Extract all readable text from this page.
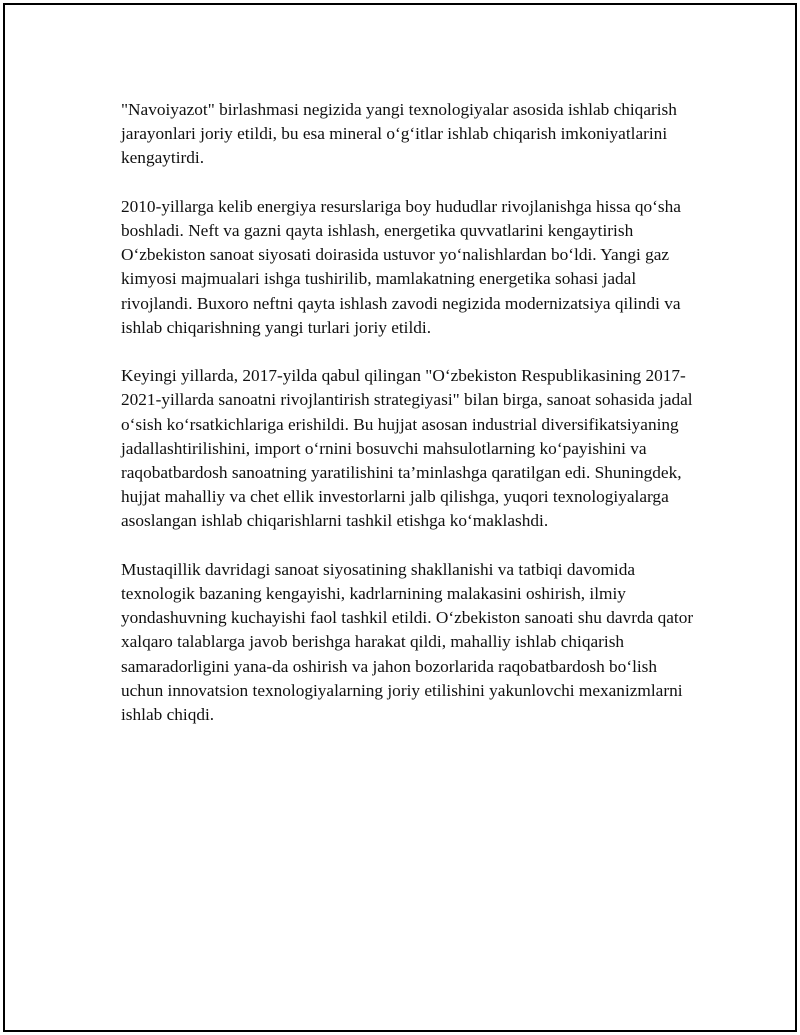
"Navoiyazot" birlashmasi negizida yangi texnologiyalar asosida ishlab chiqarish jarayonlari joriy etildi, bu esa mineral oʻgʻitlar ishlab chiqarish imkoniyatlarini kengaytirdi.

2010-yillarga kelib energiya resurslariga boy hududlar rivojlanishga hissa qoʻsha boshladi. Neft va gazni qayta ishlash, energetika quvvatlarini kengaytirish Oʻzbekiston sanoat siyosati doirasida ustuvor yoʻnalishlardan boʻldi. Yangi gaz kimyosi majmualari ishga tushirilib, mamlakatning energetika sohasi jadal rivojlandi. Buxoro neftni qayta ishlash zavodi negizida modernizatsiya qilindi va ishlab chiqarishning yangi turlari joriy etildi.

Keyingi yillarda, 2017-yilda qabul qilingan "Oʻzbekiston Respublikasining 2017-2021-yillarda sanoatni rivojlantirish strategiyasi" bilan birga, sanoat sohasida jadal oʻsish koʻrsatkichlariga erishildi. Bu hujjat asosan industrial diversifikatsiyaning jadallashtirilishini, import oʻrnini bosuvchi mahsulotlarning koʻpayishini va raqobatbardosh sanoatning yaratilishini ta’minlashga qaratilgan edi. Shuningdek, hujjat mahalliy va chet ellik investorlarni jalb qilishga, yuqori texnologiyalarga asoslangan ishlab chiqarishlarni tashkil etishga koʻmaklashdi.

Mustaqillik davridagi sanoat siyosatining shakllanishi va tatbiqi davomida texnologik bazaning kengayishi, kadrlarnining malakasini oshirish, ilmiy yondashuvning kuchayishi faol tashkil etildi. Oʻzbekiston sanoati shu davrda qator xalqaro talablarga javob berishga harakat qildi, mahalliy ishlab chiqarish samaradorligini yana-da oshirish va jahon bozorlarida raqobatbardosh boʻlish uchun innovatsion texnologiyalarning joriy etilishini yakunlovchi mexanizmlarni ishlab chiqdi.
